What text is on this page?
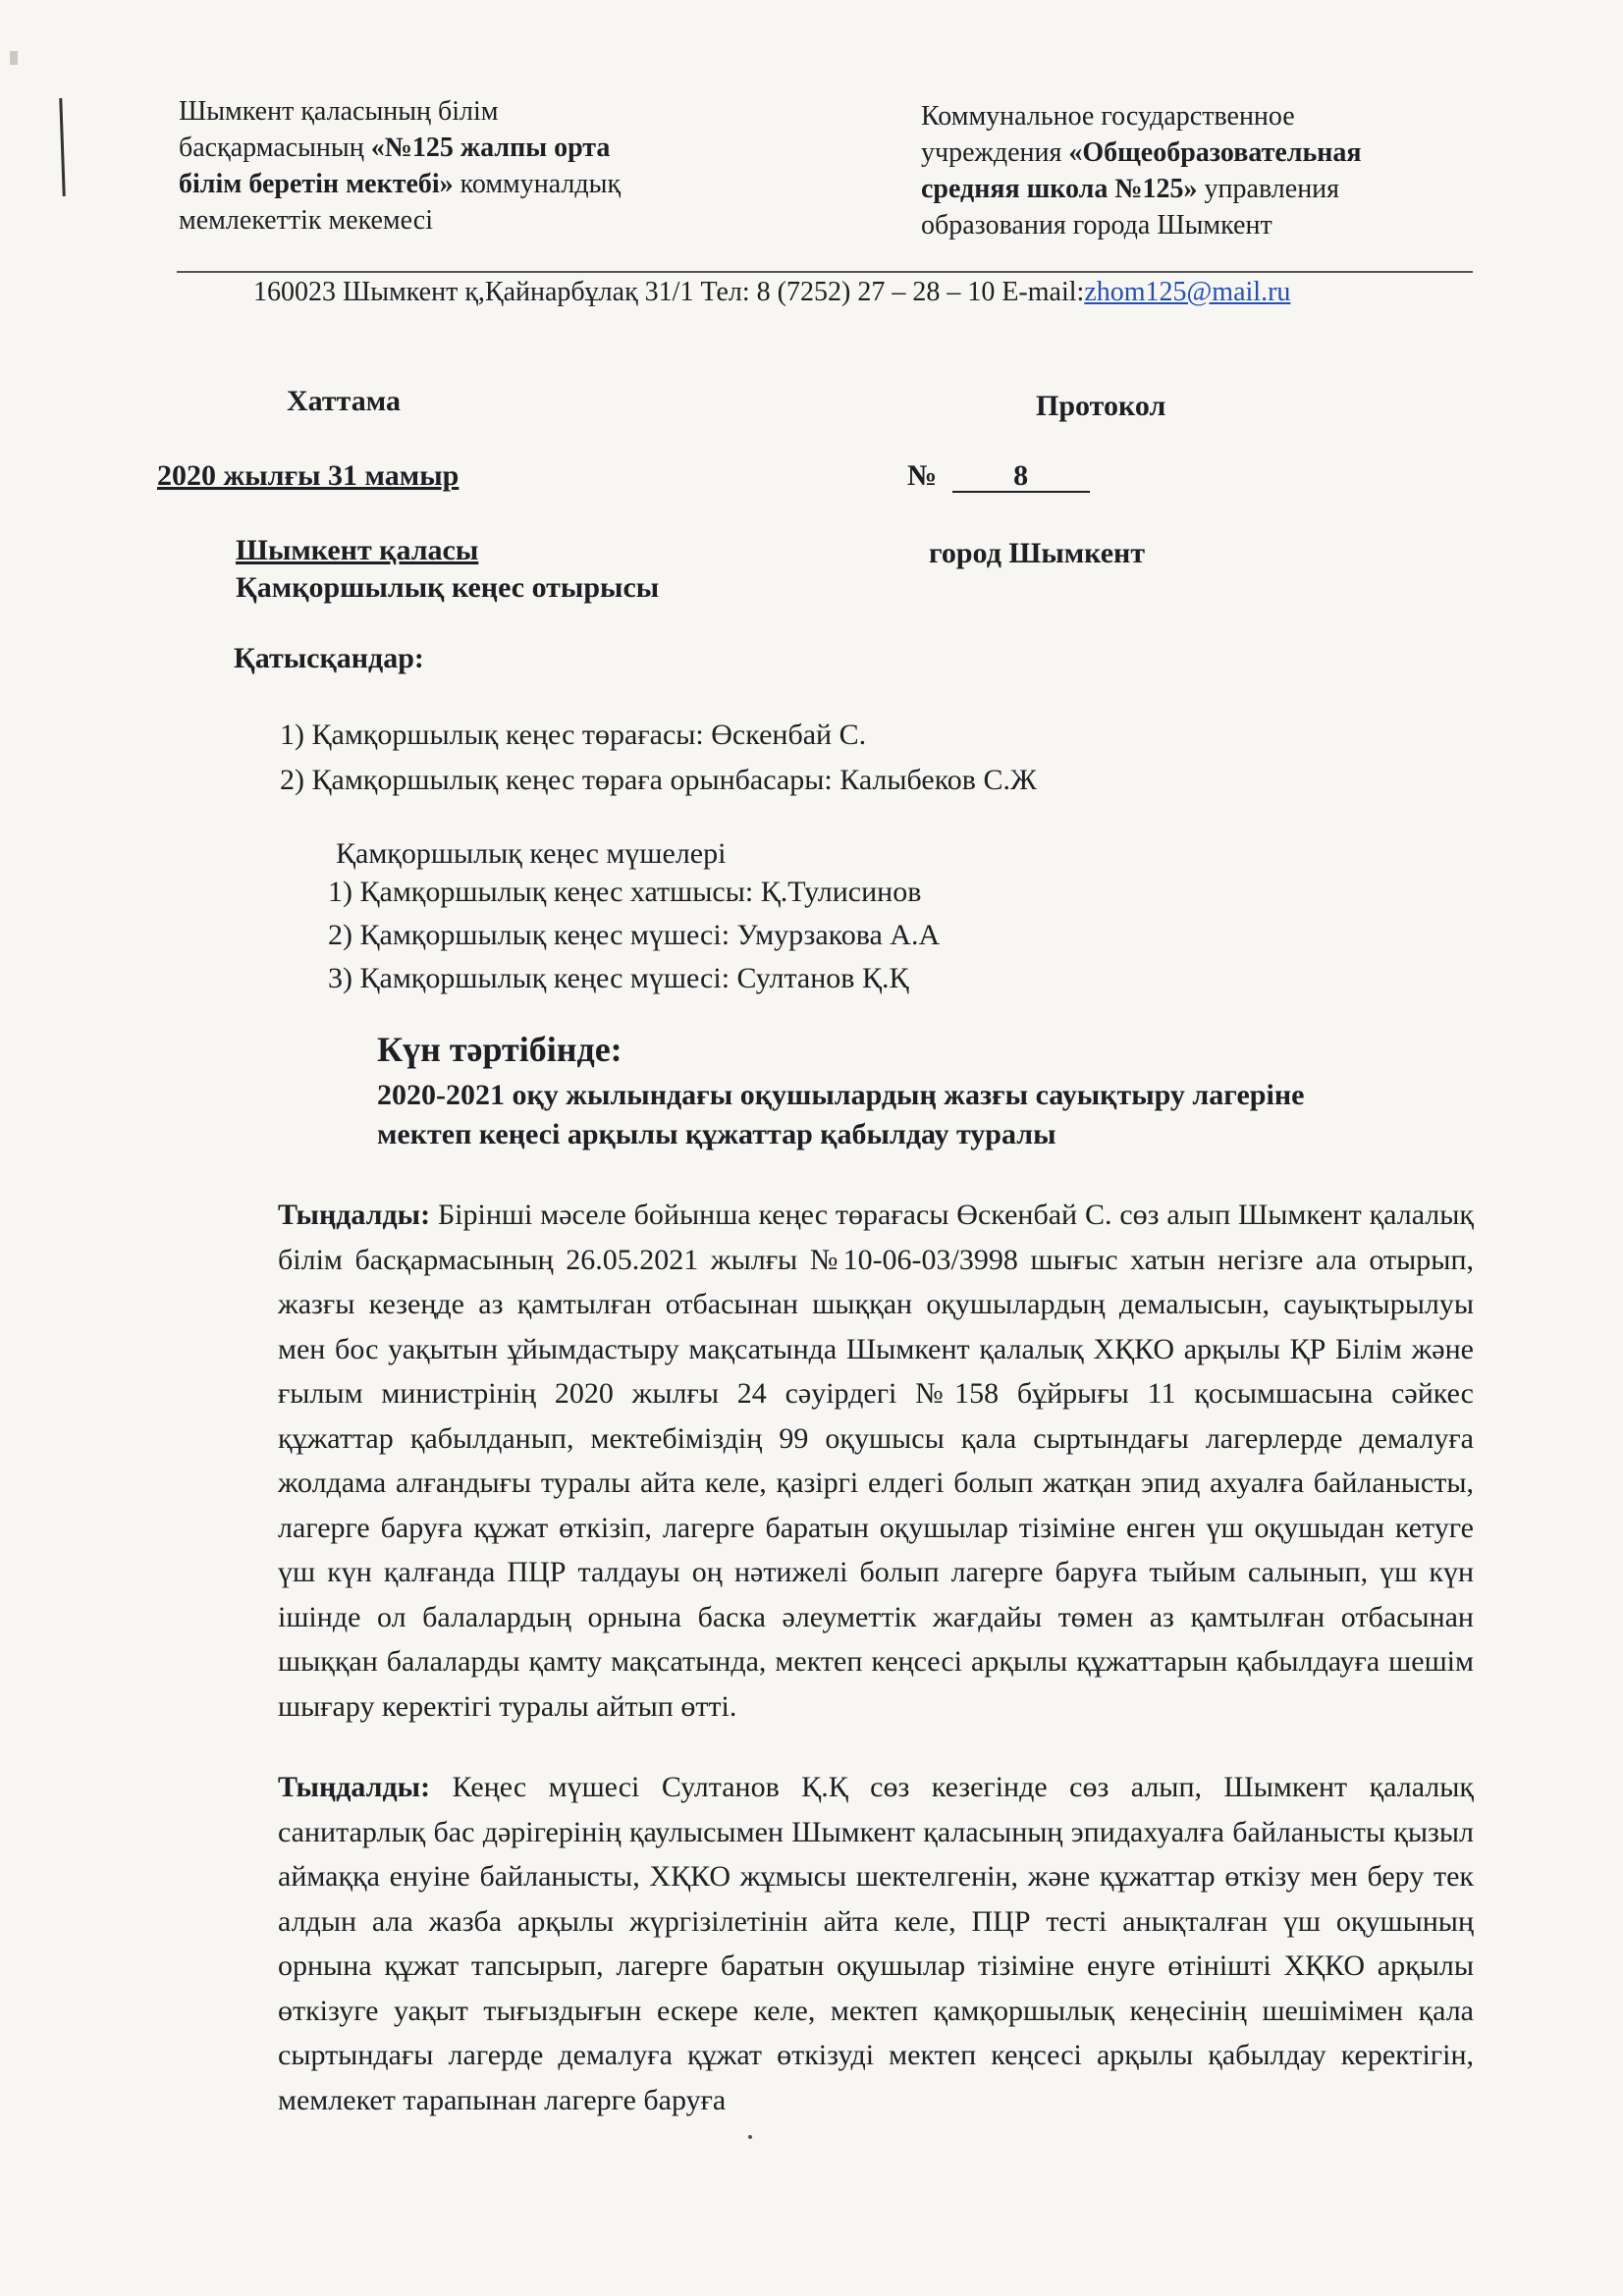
Шымкент қаласының білім
басқармасының «№125 жалпы орта
білім беретін мектебі» коммуналдық
мемлекеттік мекемесі
Коммунальное государственное
учреждения «Общеобразовательная
средняя школа №125» управления
образования города Шымкент
160023 Шымкент қ,Қайнарбұлақ 31/1 Тел: 8 (7252) 27 – 28 – 10 E-mail:zhom125@mail.ru
Хаттама	Протокол
2020 жылғы 31 мамыр	№	8
Шымкент қаласы	город Шымкент
Қамқоршылық кеңес отырысы
Қатысқандар:
1) Қамқоршылық кеңес төрағасы: Өскенбай С.
2) Қамқоршылық кеңес төраға орынбасары: Калыбеков С.Ж
Қамқоршылық кеңес мүшелері
1) Қамқоршылық кеңес хатшысы: Қ.Тулисинов
2) Қамқоршылық кеңес мүшесі: Умурзакова А.А
3) Қамқоршылық кеңес мүшесі: Султанов Қ.Қ
Күн тәртібінде:
2020-2021 оқу жылындағы оқушылардың жазғы сауықтыру лагеріне
мектеп кеңесі арқылы құжаттар қабылдау туралы
Тыңдалды: Бірінші мәселе бойынша кеңес төрағасы Өскенбай С. сөз алып Шымкент қалалық білім басқармасының 26.05.2021 жылғы №10-06-03/3998 шығыс хатын негізге ала отырып, жазғы кезеңде аз қамтылған отбасынан шыққан оқушылардың демалысын, сауықтырылуы мен бос уақытын ұйымдастыру мақсатында Шымкент қалалық ХҚКО арқылы ҚР Білім және ғылым министрінің 2020 жылғы 24 сәуірдегі №158 бұйрығы 11 қосымшасына сәйкес құжаттар қабылданып, мектебіміздің 99 оқушысы қала сыртындағы лагерлерде демалуға жолдама алғандығы туралы айта келе, қазіргі елдегі болып жатқан эпид ахуалға байланысты, лагерге баруға құжат өткізіп, лагерге баратын оқушылар тізіміне енген үш оқушыдан кетуге үш күн қалғанда ПЦР талдауы оң нәтижелі болып лагерге баруға тыйым салынып, үш күн ішінде ол балалардың орнына баска әлеуметтік жағдайы төмен аз қамтылған отбасынан шыққан балаларды қамту мақсатында, мектеп кеңсесі арқылы құжаттарын қабылдауға шешім шығару керектігі туралы айтып өтті.
Тыңдалды: Кеңес мүшесі Султанов Қ.Қ сөз кезегінде сөз алып, Шымкент қалалық санитарлық бас дәрігерінің қаулысымен Шымкент қаласының эпидахуалға байланысты қызыл аймаққа енуіне байланысты, ХҚКО жұмысы шектелгенін, және құжаттар өткізу мен беру тек алдын ала жазба арқылы жүргізілетінін айта келе, ПЦР тесті анықталған үш оқушының орнына құжат тапсырып, лагерге баратын оқушылар тізіміне енуге өтінішті ХҚКО арқылы өткізуге уақыт тығыздығын ескере келе, мектеп қамқоршылық кеңесінің шешімімен қала сыртындағы лагерде демалуға құжат өткізуді мектеп кеңсесі арқылы қабылдау керектігін, мемлекет тарапынан лагерге баруға
